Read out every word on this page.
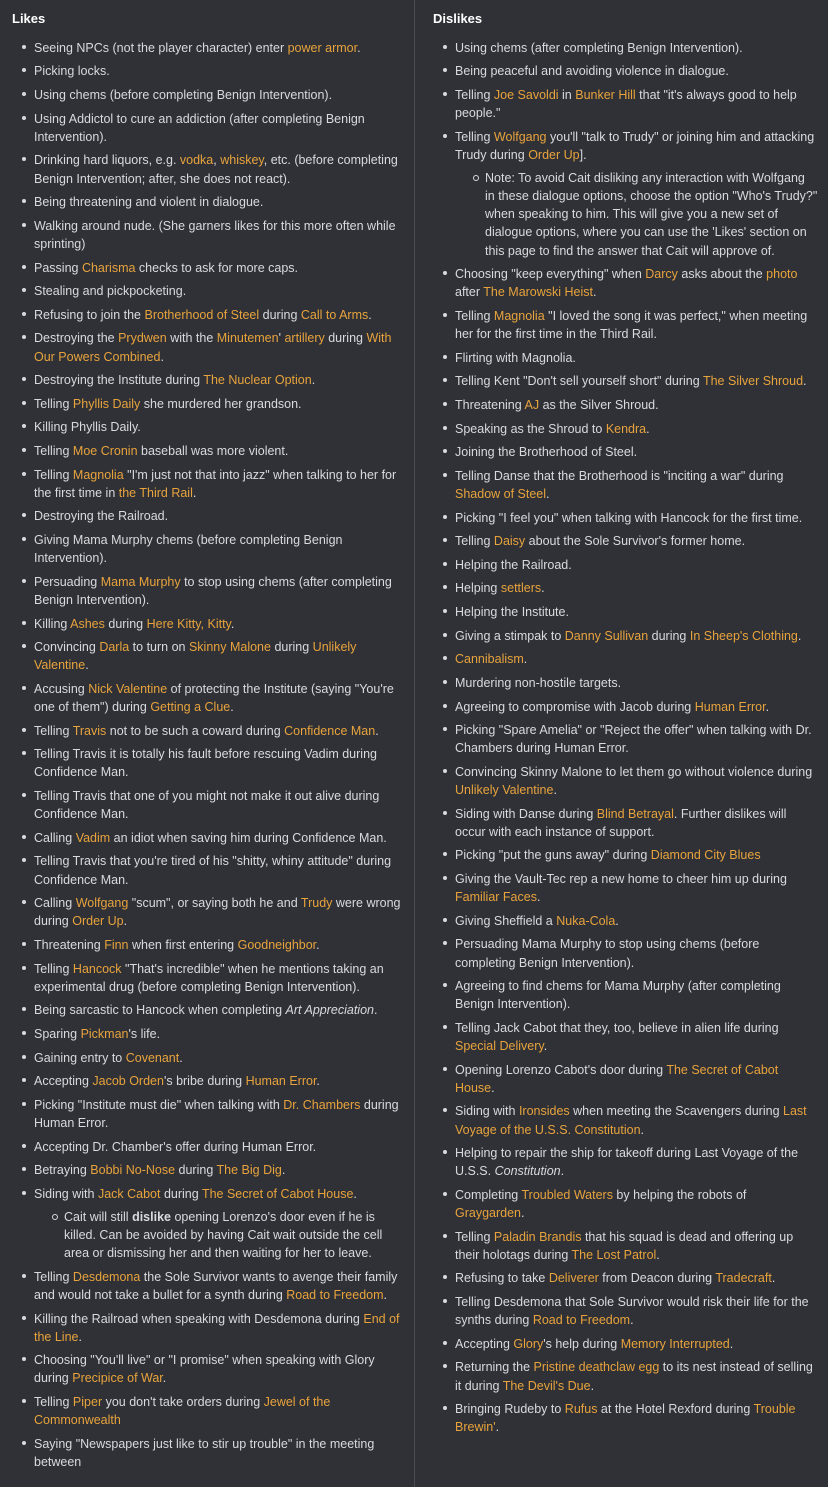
Likes
Seeing NPCs (not the player character) enter power armor.
Picking locks.
Using chems (before completing Benign Intervention).
Using Addictol to cure an addiction (after completing Benign Intervention).
Drinking hard liquors, e.g. vodka, whiskey, etc. (before completing Benign Intervention; after, she does not react).
Being threatening and violent in dialogue.
Walking around nude. (She garners likes for this more often while sprinting)
Passing Charisma checks to ask for more caps.
Stealing and pickpocketing.
Refusing to join the Brotherhood of Steel during Call to Arms.
Destroying the Prydwen with the Minutemen' artillery during With Our Powers Combined.
Destroying the Institute during The Nuclear Option.
Telling Phyllis Daily she murdered her grandson.
Killing Phyllis Daily.
Telling Moe Cronin baseball was more violent.
Telling Magnolia "I'm just not that into jazz" when talking to her for the first time in the Third Rail.
Destroying the Railroad.
Giving Mama Murphy chems (before completing Benign Intervention).
Persuading Mama Murphy to stop using chems (after completing Benign Intervention).
Killing Ashes during Here Kitty, Kitty.
Convincing Darla to turn on Skinny Malone during Unlikely Valentine.
Accusing Nick Valentine of protecting the Institute (saying "You're one of them") during Getting a Clue.
Telling Travis not to be such a coward during Confidence Man.
Telling Travis it is totally his fault before rescuing Vadim during Confidence Man.
Telling Travis that one of you might not make it out alive during Confidence Man.
Calling Vadim an idiot when saving him during Confidence Man.
Telling Travis that you're tired of his "shitty, whiny attitude" during Confidence Man.
Calling Wolfgang "scum", or saying both he and Trudy were wrong during Order Up.
Threatening Finn when first entering Goodneighbor.
Telling Hancock "That's incredible" when he mentions taking an experimental drug (before completing Benign Intervention).
Being sarcastic to Hancock when completing Art Appreciation.
Sparing Pickman's life.
Gaining entry to Covenant.
Accepting Jacob Orden's bribe during Human Error.
Picking "Institute must die" when talking with Dr. Chambers during Human Error.
Accepting Dr. Chamber's offer during Human Error.
Betraying Bobbi No-Nose during The Big Dig.
Siding with Jack Cabot during The Secret of Cabot House.
Cait will still dislike opening Lorenzo's door even if he is killed. Can be avoided by having Cait wait outside the cell area or dismissing her and then waiting for her to leave.
Telling Desdemona the Sole Survivor wants to avenge their family and would not take a bullet for a synth during Road to Freedom.
Killing the Railroad when speaking with Desdemona during End of the Line.
Choosing "You'll live" or "I promise" when speaking with Glory during Precipice of War.
Telling Piper you don't take orders during Jewel of the Commonwealth
Saying "Newspapers just like to stir up trouble" in the meeting between
Dislikes
Using chems (after completing Benign Intervention).
Being peaceful and avoiding violence in dialogue.
Telling Joe Savoldi in Bunker Hill that "it's always good to help people."
Telling Wolfgang you'll "talk to Trudy" or joining him and attacking Trudy during Order Up].
Note: To avoid Cait disliking any interaction with Wolfgang in these dialogue options, choose the option "Who's Trudy?" when speaking to him. This will give you a new set of dialogue options, where you can use the 'Likes' section on this page to find the answer that Cait will approve of.
Choosing "keep everything" when Darcy asks about the photo after The Marowski Heist.
Telling Magnolia "I loved the song it was perfect," when meeting her for the first time in the Third Rail.
Flirting with Magnolia.
Telling Kent "Don't sell yourself short" during The Silver Shroud.
Threatening AJ as the Silver Shroud.
Speaking as the Shroud to Kendra.
Joining the Brotherhood of Steel.
Telling Danse that the Brotherhood is "inciting a war" during Shadow of Steel.
Picking "I feel you" when talking with Hancock for the first time.
Telling Daisy about the Sole Survivor's former home.
Helping the Railroad.
Helping settlers.
Helping the Institute.
Giving a stimpak to Danny Sullivan during In Sheep's Clothing.
Cannibalism.
Murdering non-hostile targets.
Agreeing to compromise with Jacob during Human Error.
Picking "Spare Amelia" or "Reject the offer" when talking with Dr. Chambers during Human Error.
Convincing Skinny Malone to let them go without violence during Unlikely Valentine.
Siding with Danse during Blind Betrayal. Further dislikes will occur with each instance of support.
Picking "put the guns away" during Diamond City Blues
Giving the Vault-Tec rep a new home to cheer him up during Familiar Faces.
Giving Sheffield a Nuka-Cola.
Persuading Mama Murphy to stop using chems (before completing Benign Intervention).
Agreeing to find chems for Mama Murphy (after completing Benign Intervention).
Telling Jack Cabot that they, too, believe in alien life during Special Delivery.
Opening Lorenzo Cabot's door during The Secret of Cabot House.
Siding with Ironsides when meeting the Scavengers during Last Voyage of the U.S.S. Constitution.
Helping to repair the ship for takeoff during Last Voyage of the U.S.S. Constitution.
Completing Troubled Waters by helping the robots of Graygarden.
Telling Paladin Brandis that his squad is dead and offering up their holotags during The Lost Patrol.
Refusing to take Deliverer from Deacon during Tradecraft.
Telling Desdemona that Sole Survivor would risk their life for the synths during Road to Freedom.
Accepting Glory's help during Memory Interrupted.
Returning the Pristine deathclaw egg to its nest instead of selling it during The Devil's Due.
Bringing Rudeby to Rufus at the Hotel Rexford during Trouble Brewin'.
